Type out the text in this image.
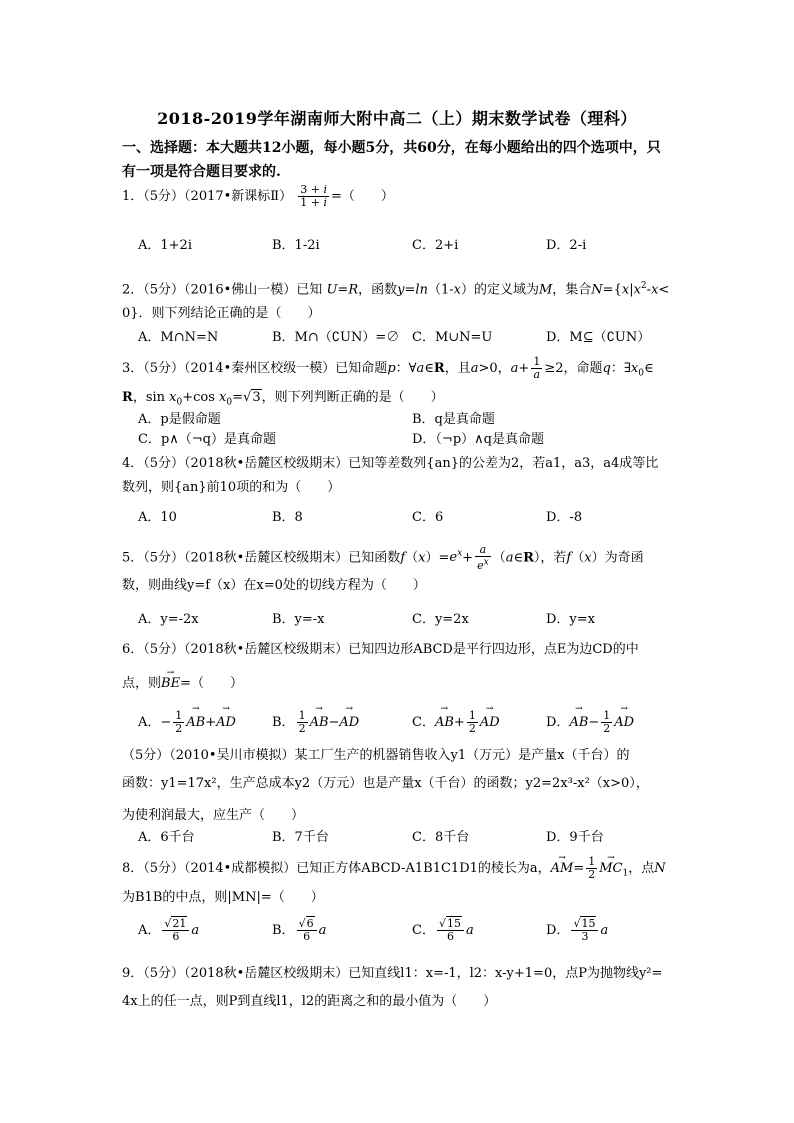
2018-2019学年湖南师大附中高二（上）期末数学试卷（理科）
一、选择题：本大题共12小题，每小题5分，共60分，在每小题给出的四个选项中，只
有一项是符合题目要求的.
1．（5分）（2017•新课标Ⅱ） $\frac{3 + i}{1 + i}$ =（　　）
A．1+2i	B．1-2i	C．2+i	D．2-i
2．（5分）（2016•佛山一模）已知 U=R，函数y=ln（1-x）的定义域为M，集合$N=\{x|x^2-x<$
0}．则下列结论正确的是（　　）
A．M∩N=N	B．M∩（∁UN）=∅ C．M∪N=U	D．M⊆（∁UN）
3．（5分）（2014•秦州区校级一模）已知命题p：∀a∈R，且a>0，$a+ \frac{1}{a} \ge 2$，命题q：$\exists x_0\in$
R，$\sin x_0+\cos$ $x_0=√3$，则下列判断正确的是（　　）
A．p是假命题	B．q是真命题
C．p∧（¬q）是真命题	D．（¬p）∧q是真命题
4．（5分）（2018秋•岳麓区校级期末）已知等差数列{an}的公差为2，若a1，a3，a4成等比
数列，则{an}前10项的和为（　　）
A．10	B．8	C．6	D．-8
5．（5分）（2018秋•岳麓区校级期末）已知函数$f(x)=e^x+ \frac{a}{e^x}$ （a∈R），若f（x）为奇函
数，则曲线y=f（x）在x=0处的切线方程为（　　）
A．y=-2x	B．y=-x	C．y=2x	D．y=x
6．（5分）（2018秋•岳麓区校级期末）已知四边形ABCD是平行四边形，点E为边CD的中
点，则→ BE=（　　）
A．− $\frac{1}{2}$
→ AB+→ AD	B． $\frac{1}{2}$
→ AB−→ AD	C．→ $AB+ \frac{1}{2}$
→ AD	D．→ $AB- \frac{1}{2}$
→ AD
（5分）（2010•吴川市模拟）某工厂生产的机器销售收入y1（万元）是产量x（千台）的
函数：y1=17x²，生产总成本y2（万元）也是产量x（千台）的函数；y2=2x³-x²（x>0），
为使利润最大，应生产（　　）
A．6千台	B．7千台	C．8千台	D．9千台
8．（5分）（2014•成都模拟）已知正方体ABCD-A1B1C1D1的棱长为a，→ $AM= \frac{1}{2}$
→ $MC_1$，点N
为B1B的中点，则|MN|=（　　）
A． $\frac{√21}{6}$ a	B． $\frac{√6}{6}$ a	C． $\frac{√15}{6}$ a	D． $\frac{√15}{3}$ a
9．（5分）（2018秋•岳麓区校级期末）已知直线l1：x=-1，l2：x-y+1=0，点P为抛物线y²=
4x上的任一点，则P到直线l1，l2的距离之和的最小值为（　　）
